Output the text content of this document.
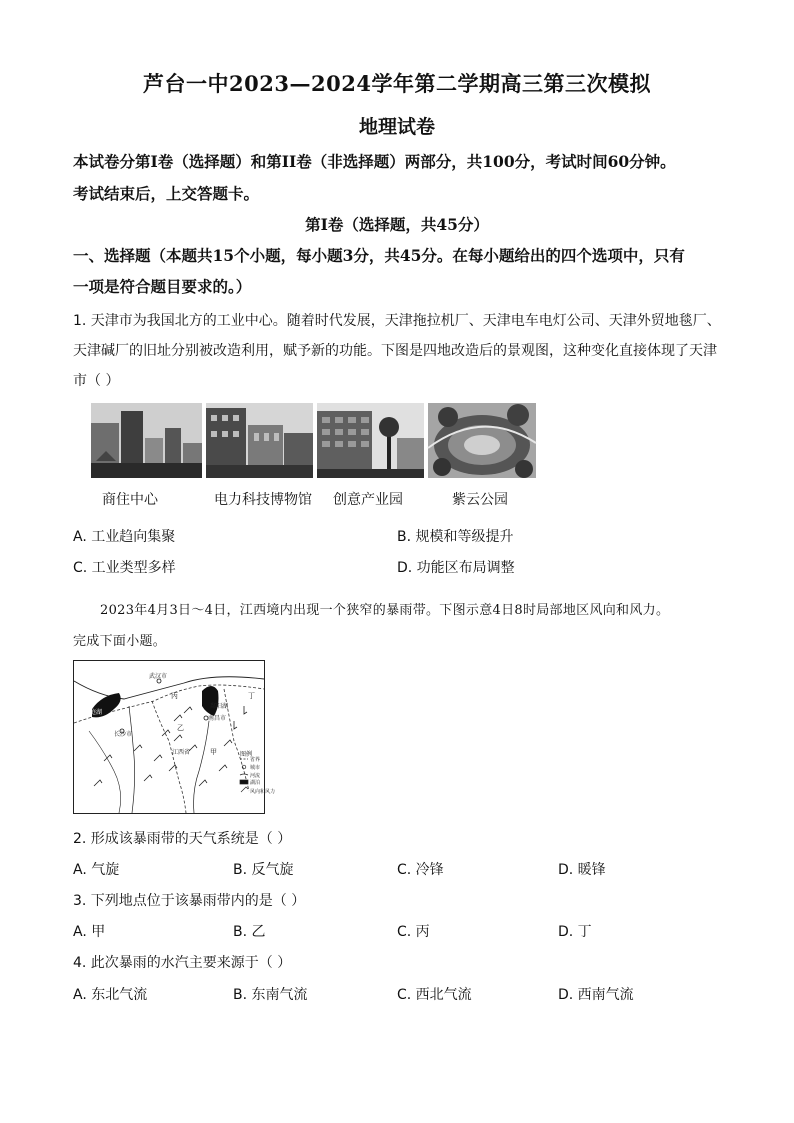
芦台一中2023—2024学年第二学期高三第三次模拟
地理试卷
本试卷分第Ⅰ卷（选择题）和第II卷（非选择题）两部分，共100分，考试时间60分钟。
考试结束后，上交答题卡。
第Ⅰ卷（选择题，共45分）
一、选择题（本题共15个小题，每小题3分，共45分。在每小题给出的四个选项中，只有
一项是符合题目要求的。）
1. 天津市为我国北方的工业中心。随着时代发展，天津拖拉机厂、天津电车电灯公司、天津外贸地毯厂、
天津碱厂的旧址分别被改造利用，赋予新的功能。下图是四地改造后的景观图，这种变化直接体现了天津
市（ ）
商住中心	电力科技博物馆 创意产业园	紫云公园
A. 工业趋向集聚	B. 规模和等级提升
C. 工业类型多样	D. 功能区布局调整
2023年4月3日～4日，江西境内出现一个狭窄的暴雨带。下图示意4日8时局部地区风向和风力。
完成下面小题。
武汉市
洞庭湖
鄱阳湖
南昌市
长沙市
江西省
丙
乙
甲
丁
图例
省界
城市
河流
湖泊
风向和风力
2. 形成该暴雨带的天气系统是（ ）
A. 气旋	B. 反气旋	C. 冷锋	D. 暖锋
3. 下列地点位于该暴雨带内的是（ ）
A. 甲	B. 乙	C. 丙	D. 丁
4. 此次暴雨的水汽主要来源于（ ）
A. 东北气流	B. 东南气流	C. 西北气流	D. 西南气流
